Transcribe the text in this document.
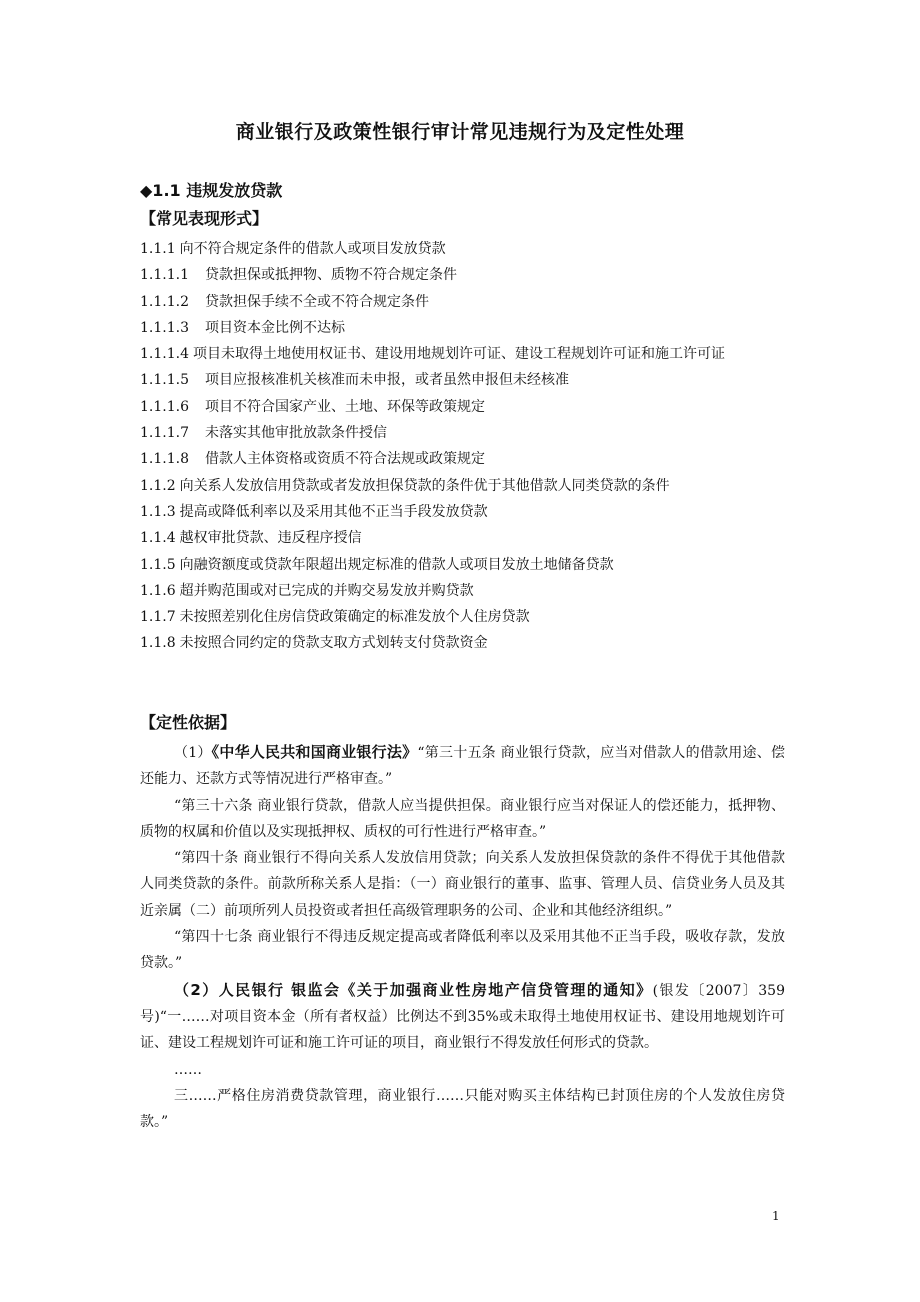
商业银行及政策性银行审计常见违规行为及定性处理
◆1.1 违规发放贷款
【常见表现形式】

1.1.1 向不符合规定条件的借款人或项目发放贷款

1.1.1.1 贷款担保或抵押物、质物不符合规定条件

1.1.1.2 贷款担保手续不全或不符合规定条件

1.1.1.3 项目资本金比例不达标

1.1.1.4 项目未取得土地使用权证书、建设用地规划许可证、建设工程规划许可证和施工许可证

1.1.1.5 项目应报核准机关核准而未申报，或者虽然申报但未经核准

1.1.1.6 项目不符合国家产业、土地、环保等政策规定

1.1.1.7 未落实其他审批放款条件授信

1.1.1.8 借款人主体资格或资质不符合法规或政策规定

1.1.2 向关系人发放信用贷款或者发放担保贷款的条件优于其他借款人同类贷款的条件

1.1.3 提高或降低利率以及采用其他不正当手段发放贷款

1.1.4 越权审批贷款、违反程序授信

1.1.5 向融资额度或贷款年限超出规定标准的借款人或项目发放土地储备贷款

1.1.6 超并购范围或对已完成的并购交易发放并购贷款

1.1.7 未按照差别化住房信贷政策确定的标准发放个人住房贷款

1.1.8 未按照合同约定的贷款支取方式划转支付贷款资金

【定性依据】

（1）《中华人民共和国商业银行法》“第三十五条 商业银行贷款，应当对借款人的借款用途、偿还能力、还款方式等情况进行严格审查。”

“第三十六条 商业银行贷款，借款人应当提供担保。商业银行应当对保证人的偿还能力，抵押物、质物的权属和价值以及实现抵押权、质权的可行性进行严格审查。”

“第四十条 商业银行不得向关系人发放信用贷款；向关系人发放担保贷款的条件不得优于其他借款人同类贷款的条件。前款所称关系人是指：（一）商业银行的董事、监事、管理人员、信贷业务人员及其近亲属（二）前项所列人员投资或者担任高级管理职务的公司、企业和其他经济组织。”

“第四十七条 商业银行不得违反规定提高或者降低利率以及采用其他不正当手段，吸收存款，发放贷款。”

（2）人民银行 银监会《关于加强商业性房地产信贷管理的通知》(银发〔2007〕359号)“一……对项目资本金（所有者权益）比例达不到35%或未取得土地使用权证书、建设用地规划许可证、建设工程规划许可证和施工许可证的项目，商业银行不得发放任何形式的贷款。

……

三……严格住房消费贷款管理，商业银行……只能对购买主体结构已封顶住房的个人发放住房贷款。”

1
